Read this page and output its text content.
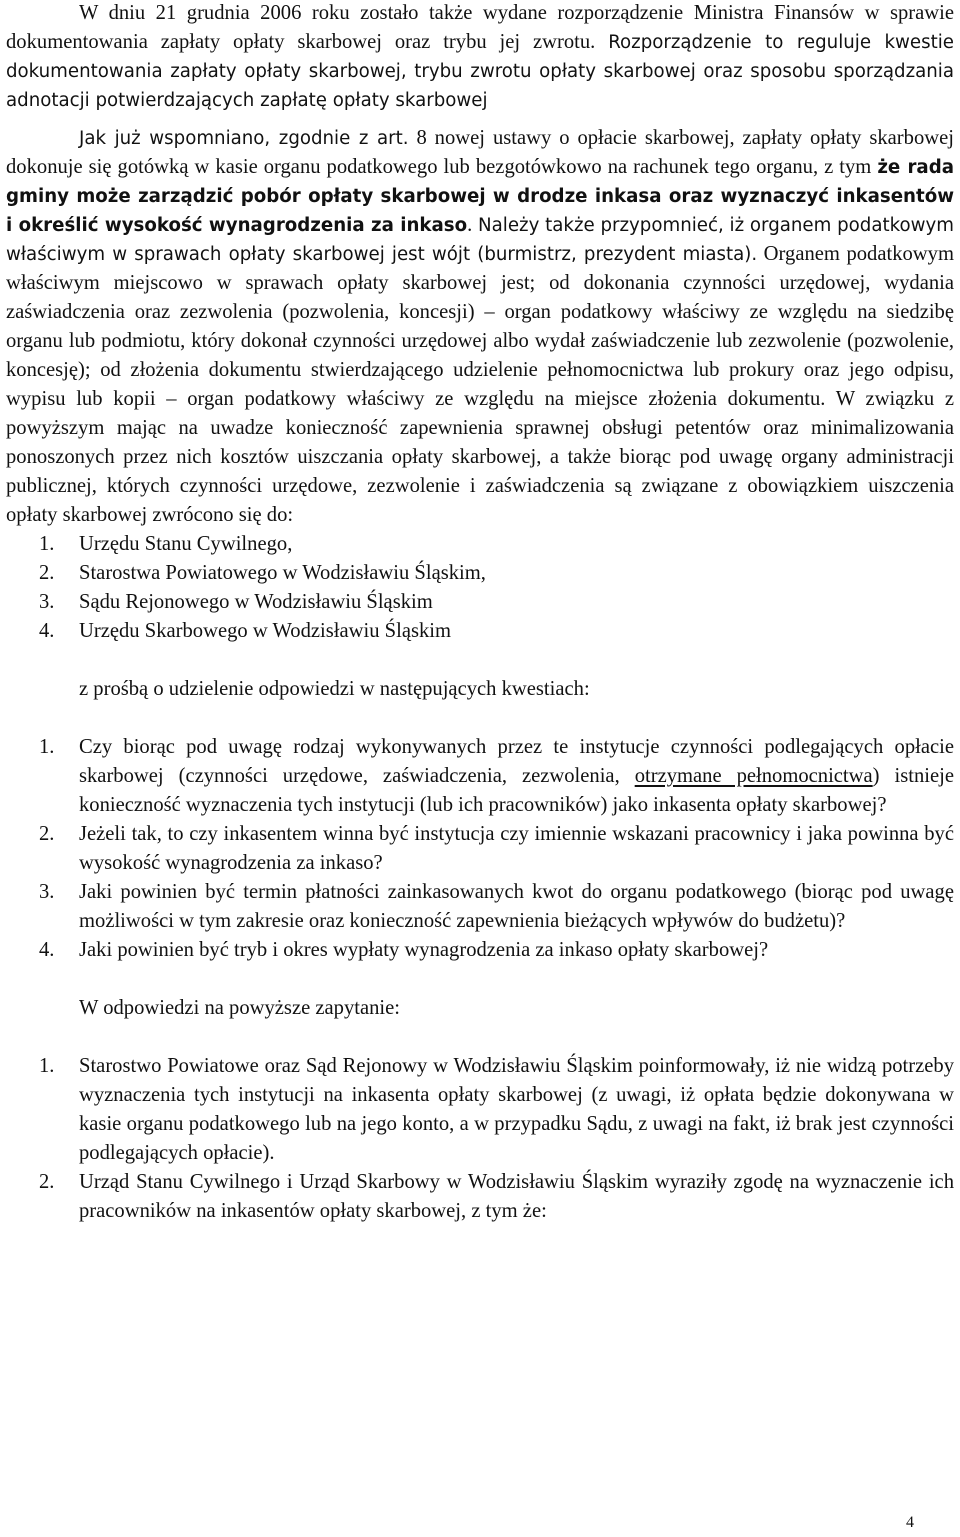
W dniu 21 grudnia 2006 roku zostało także wydane rozporządzenie Ministra Finansów w sprawie dokumentowania zapłaty opłaty skarbowej oraz trybu jej zwrotu. Rozporządzenie to reguluje kwestie dokumentowania zapłaty opłaty skarbowej, trybu zwrotu opłaty skarbowej oraz sposobu sporządzania adnotacji potwierdzających zapłatę opłaty skarbowej

Jak już wspomniano, zgodnie z art. 8 nowej ustawy o opłacie skarbowej, zapłaty opłaty skarbowej dokonuje się gotówką w kasie organu podatkowego lub bezgotówkowo na rachunek tego organu, z tym że rada gminy może zarządzić pobór opłaty skarbowej w drodze inkasa oraz wyznaczyć inkasentów i określić wysokość wynagrodzenia za inkaso. Należy także przypomnieć, iż organem podatkowym właściwym w sprawach opłaty skarbowej jest wójt (burmistrz, prezydent miasta). Organem podatkowym właściwym miejscowo w sprawach opłaty skarbowej jest; od dokonania czynności urzędowej, wydania zaświadczenia oraz zezwolenia (pozwolenia, koncesji) – organ podatkowy właściwy ze względu na siedzibę organu lub podmiotu, który dokonał czynności urzędowej albo wydał zaświadczenie lub zezwolenie (pozwolenie, koncesję); od złożenia dokumentu stwierdzającego udzielenie pełnomocnictwa lub prokury oraz jego odpisu, wypisu lub kopii – organ podatkowy właściwy ze względu na miejsce złożenia dokumentu. W związku z powyższym mając na uwadze konieczność zapewnienia sprawnej obsługi petentów oraz minimalizowania ponoszonych przez nich kosztów uiszczania opłaty skarbowej, a także biorąc pod uwagę organy administracji publicznej, których czynności urzędowe, zezwolenie i zaświadczenia są związane z obowiązkiem uiszczenia opłaty skarbowej zwrócono się do:

1. Urzędu Stanu Cywilnego,
2. Starostwa Powiatowego w Wodzisławiu Śląskim,
3. Sądu Rejonowego w Wodzisławiu Śląskim
4. Urzędu Skarbowego w Wodzisławiu Śląskim

z prośbą o udzielenie odpowiedzi w następujących kwestiach:

1. Czy biorąc pod uwagę rodzaj wykonywanych przez te instytucje czynności podlegających opłacie skarbowej (czynności urzędowe, zaświadczenia, zezwolenia, otrzymane pełnomocnictwa) istnieje konieczność wyznaczenia tych instytucji (lub ich pracowników) jako inkasenta opłaty skarbowej?
2. Jeżeli tak, to czy inkasentem winna być instytucja czy imiennie wskazani pracownicy i jaka powinna być wysokość wynagrodzenia za inkaso?
3. Jaki powinien być termin płatności zainkasowanych kwot do organu podatkowego (biorąc pod uwagę możliwości w tym zakresie oraz konieczność zapewnienia bieżących wpływów do budżetu)?
4. Jaki powinien być tryb i okres wypłaty wynagrodzenia za inkaso opłaty skarbowej?

W odpowiedzi na powyższe zapytanie:

1. Starostwo Powiatowe oraz Sąd Rejonowy w Wodzisławiu Śląskim poinformowały, iż nie widzą potrzeby wyznaczenia tych instytucji na inkasenta opłaty skarbowej (z uwagi, iż opłata będzie dokonywana w kasie organu podatkowego lub na jego konto, a w przypadku Sądu, z uwagi na fakt, iż brak jest czynności podlegających opłacie).
2. Urząd Stanu Cywilnego i Urząd Skarbowy w Wodzisławiu Śląskim wyraziły zgodę na wyznaczenie ich pracowników na inkasentów opłaty skarbowej, z tym że:
4
